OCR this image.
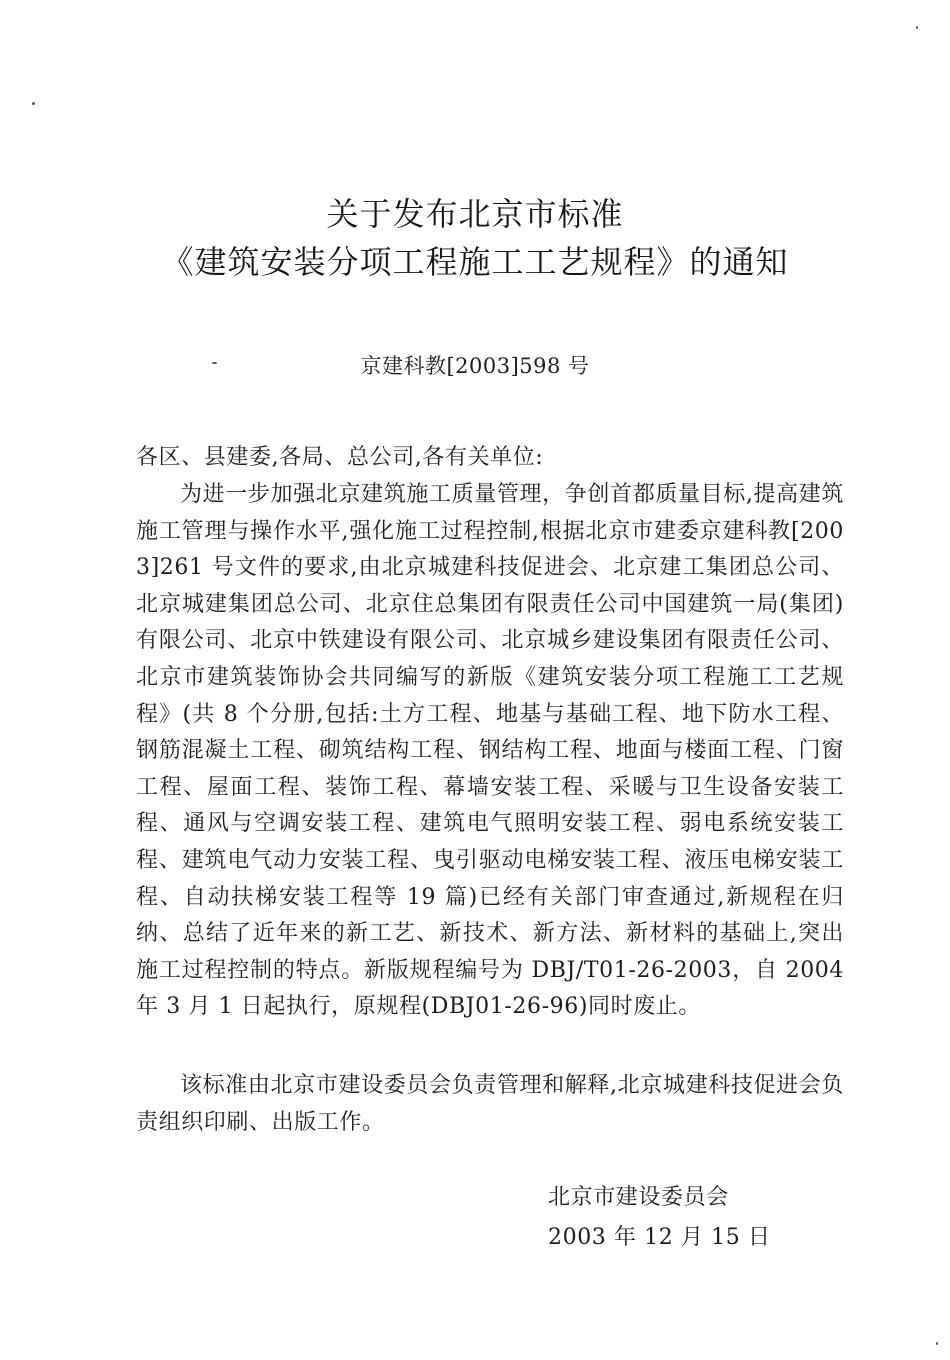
关于发布北京市标准
《建筑安装分项工程施工工艺规程》的通知
京建科教[2003]598 号
各区、县建委,各局、总公司,各有关单位:
为进一步加强北京建筑施工质量管理，争创首都质量目标,提高建筑施工管理与操作水平,强化施工过程控制,根据北京市建委京建科教[2003]261 号文件的要求,由北京城建科技促进会、北京建工集团总公司、北京城建集团总公司、北京住总集团有限责任公司中国建筑一局(集团)有限公司、北京中铁建设有限公司、北京城乡建设集团有限责任公司、北京市建筑装饰协会共同编写的新版《建筑安装分项工程施工工艺规程》(共 8 个分册,包括:土方工程、地基与基础工程、地下防水工程、钢筋混凝土工程、砌筑结构工程、钢结构工程、地面与楼面工程、门窗工程、屋面工程、装饰工程、幕墙安装工程、采暖与卫生设备安装工程、通风与空调安装工程、建筑电气照明安装工程、弱电系统安装工程、建筑电气动力安装工程、曳引驱动电梯安装工程、液压电梯安装工程、自动扶梯安装工程等 19 篇)已经有关部门审查通过,新规程在归纳、总结了近年来的新工艺、新技术、新方法、新材料的基础上,突出施工过程控制的特点。新版规程编号为 DBJ/T01-26-2003，自 2004 年 3 月 1 日起执行，原规程(DBJ01-26-96)同时废止。
该标准由北京市建设委员会负责管理和解释,北京城建科技促进会负责组织印刷、出版工作。
北京市建设委员会
2003 年 12 月 15 日
